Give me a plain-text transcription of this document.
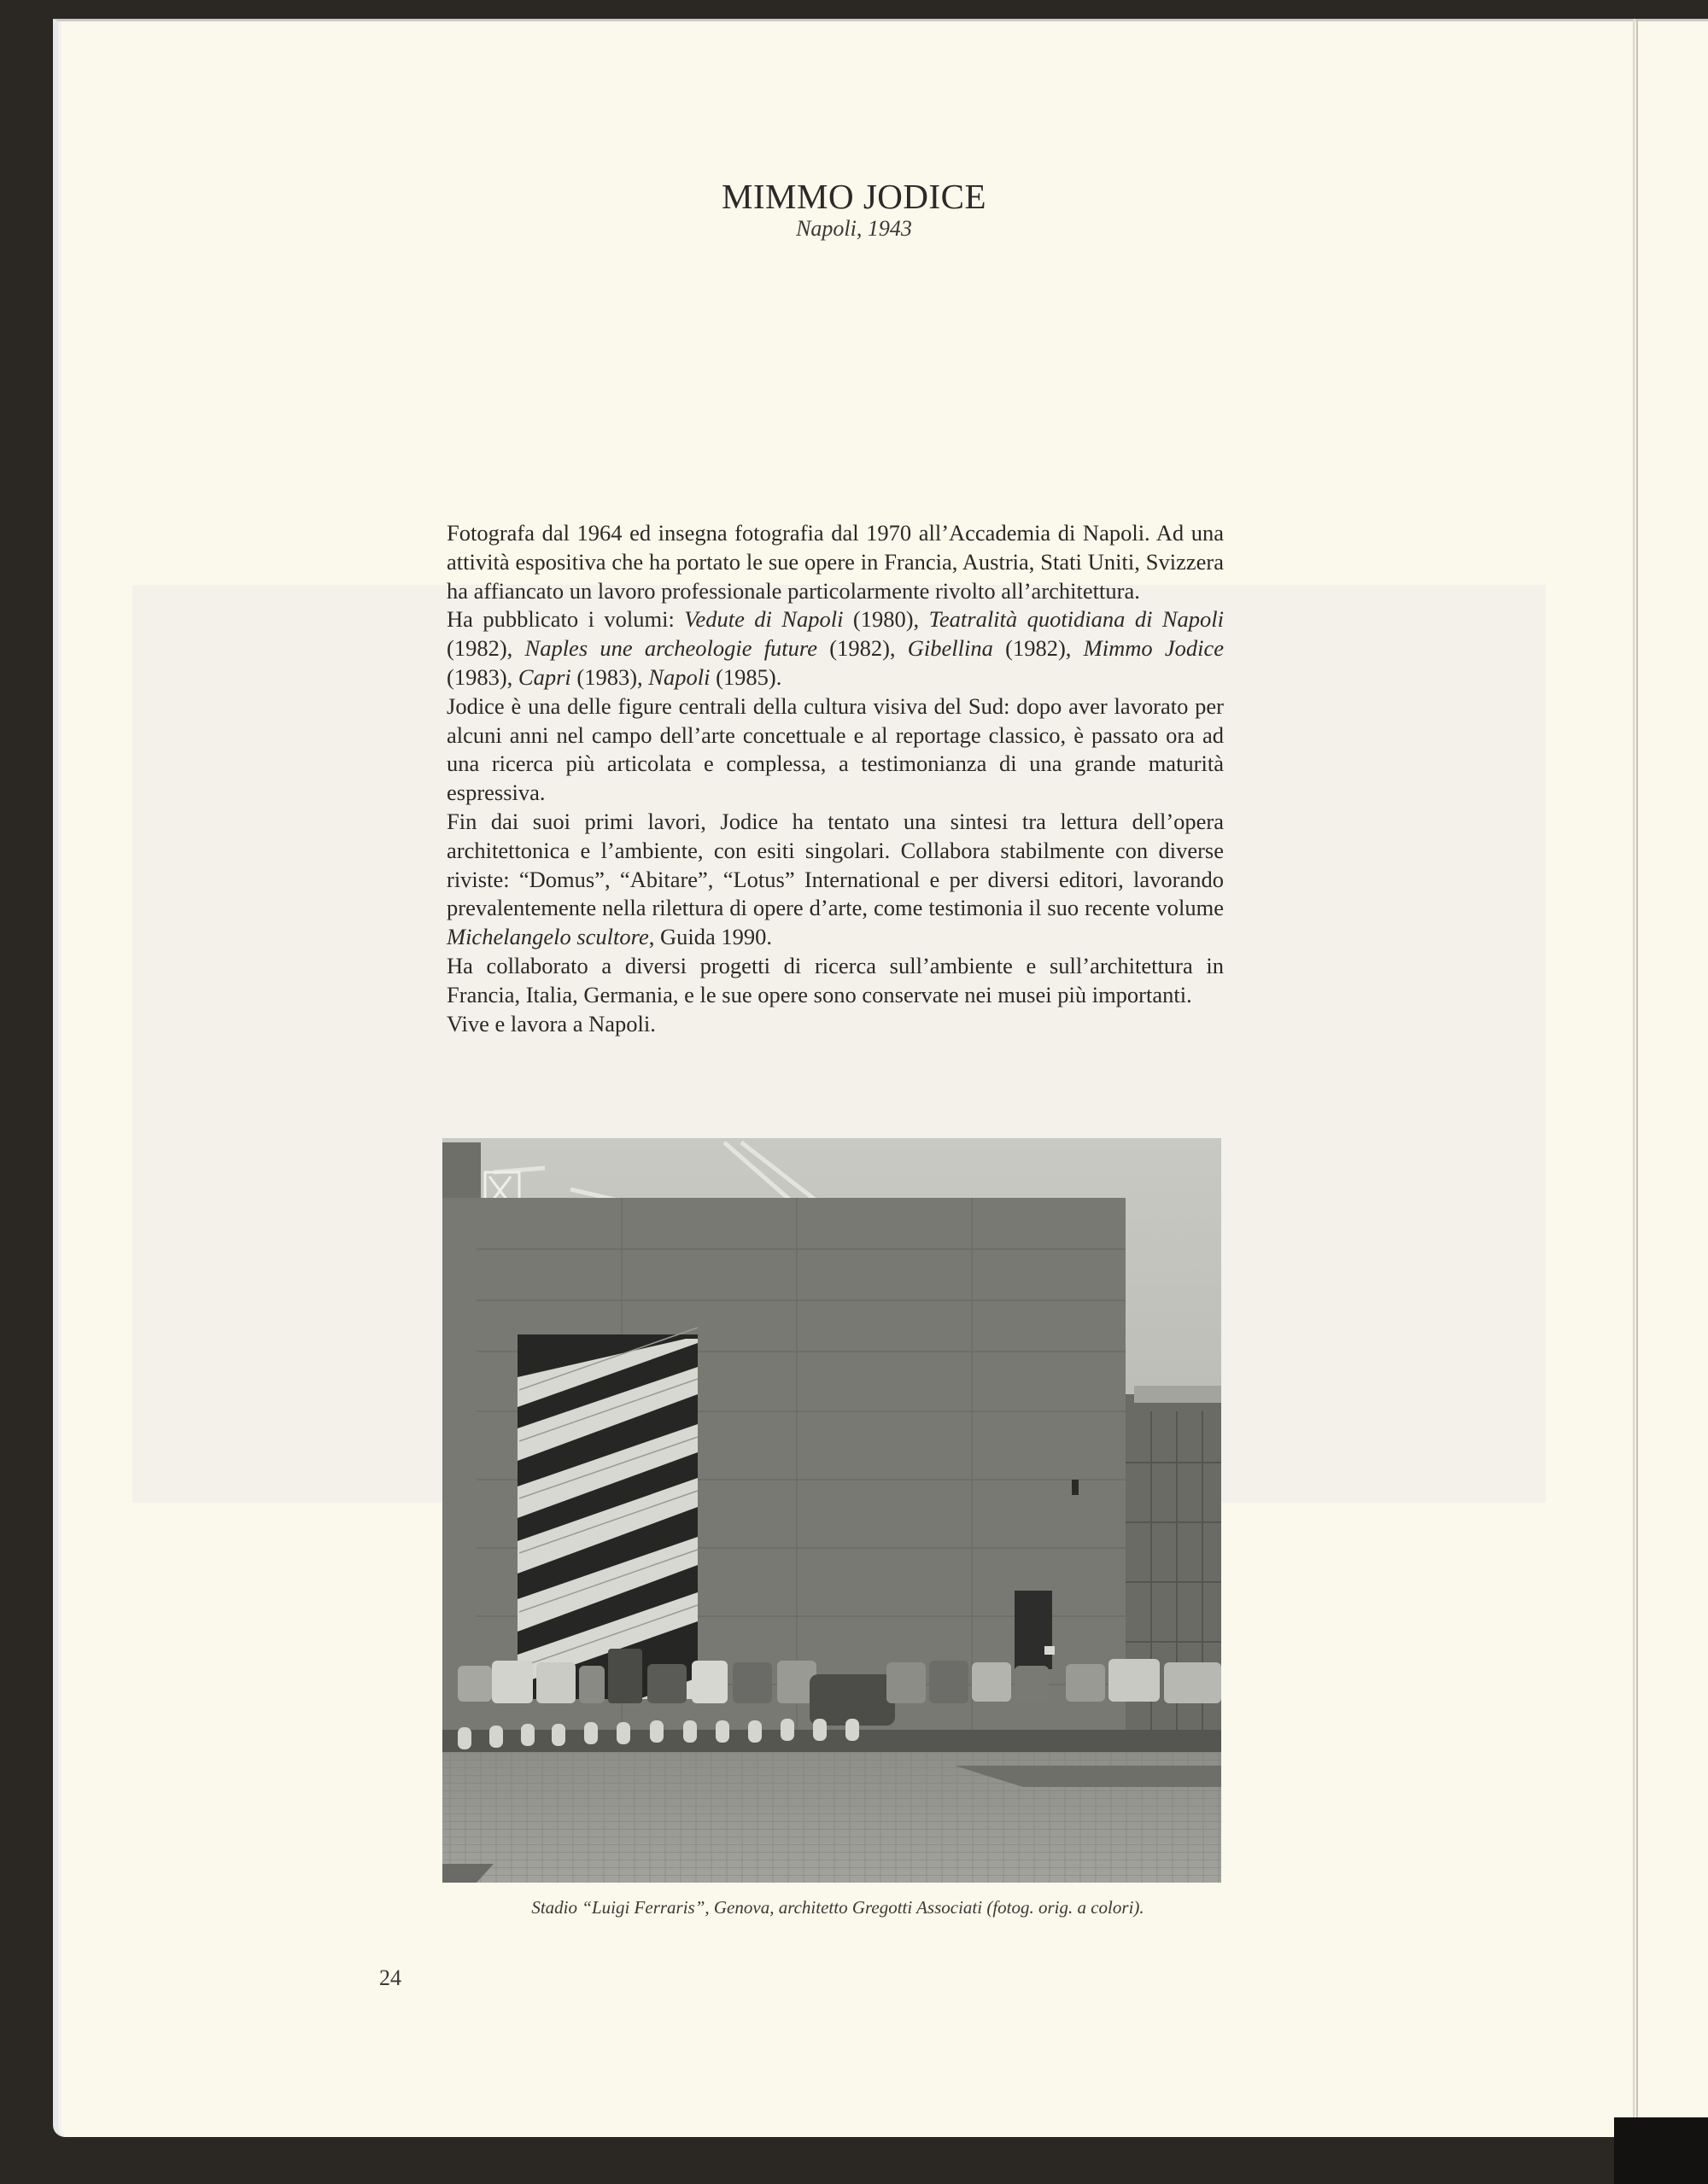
MIMMO JODICE
Napoli, 1943

Fotografa dal 1964 ed insegna fotografia dal 1970 all’Accademia di Napoli. Ad una attività espositiva che ha portato le sue opere in Francia, Austria, Stati Uniti, Svizzera ha affiancato un lavoro professionale particolarmente rivolto all’architettura.

Ha pubblicato i volumi: Vedute di Napoli (1980), Teatralità quotidiana di Napoli (1982), Naples une archeologie future (1982), Gibellina (1982), Mimmo Jodice (1983), Capri (1983), Napoli (1985).

Jodice è una delle figure centrali della cultura visiva del Sud: dopo aver lavorato per alcuni anni nel campo dell’arte concettuale e al reportage classico, è passato ora ad una ricerca più articolata e complessa, a testimonianza di una grande maturità espressiva.

Fin dai suoi primi lavori, Jodice ha tentato una sintesi tra lettura dell’opera architettonica e l’ambiente, con esiti singolari. Collabora stabilmente con diverse riviste: “Domus”, “Abitare”, “Lotus” International e per diversi editori, lavorando prevalentemente nella rilettura di opere d’arte, come testimonia il suo recente volume Michelangelo scultore, Guida 1990.

Ha collaborato a diversi progetti di ricerca sull’ambiente e sull’architettura in Francia, Italia, Germania, e le sue opere sono conservate nei musei più importanti.

Vive e lavora a Napoli.

Stadio “Luigi Ferraris”, Genova, architetto Gregotti Associati (fotog. orig. a colori).
24
